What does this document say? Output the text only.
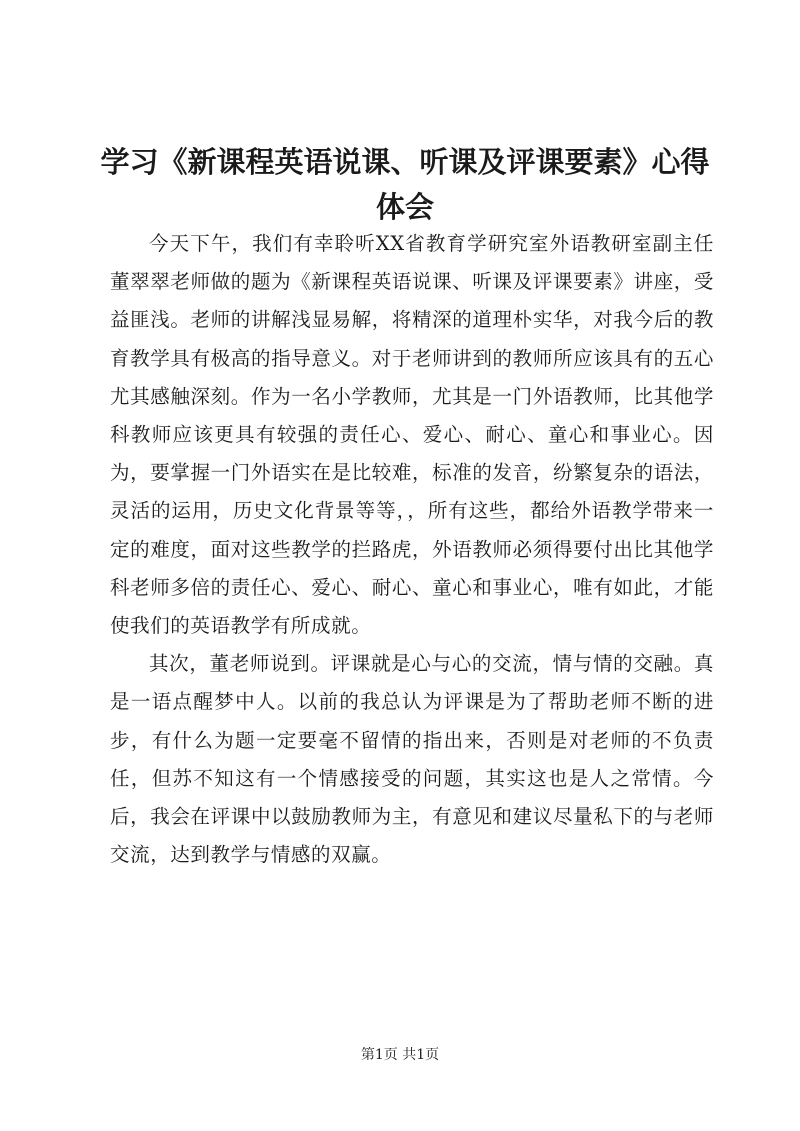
学习《新课程英语说课、听课及评课要素》心得体会

今天下午，我们有幸聆听XX省教育学研究室外语教研室副主任董翠翠老师做的题为《新课程英语说课、听课及评课要素》讲座，受益匪浅。老师的讲解浅显易解，将精深的道理朴实华，对我今后的教育教学具有极高的指导意义。对于老师讲到的教师所应该具有的五心尤其感触深刻。作为一名小学教师，尤其是一门外语教师，比其他学科教师应该更具有较强的责任心、爱心、耐心、童心和事业心。因为，要掌握一门外语实在是比较难，标准的发音，纷繁复杂的语法，灵活的运用，历史文化背景等等，，所有这些，都给外语教学带来一定的难度，面对这些教学的拦路虎，外语教师必须得要付出比其他学科老师多倍的责任心、爱心、耐心、童心和事业心，唯有如此，才能使我们的英语教学有所成就。

其次，董老师说到。评课就是心与心的交流，情与情的交融。真是一语点醒梦中人。以前的我总认为评课是为了帮助老师不断的进步，有什么为题一定要毫不留情的指出来，否则是对老师的不负责任，但苏不知这有一个情感接受的问题，其实这也是人之常情。今后，我会在评课中以鼓励教师为主，有意见和建议尽量私下的与老师交流，达到教学与情感的双赢。

第1页 共1页
